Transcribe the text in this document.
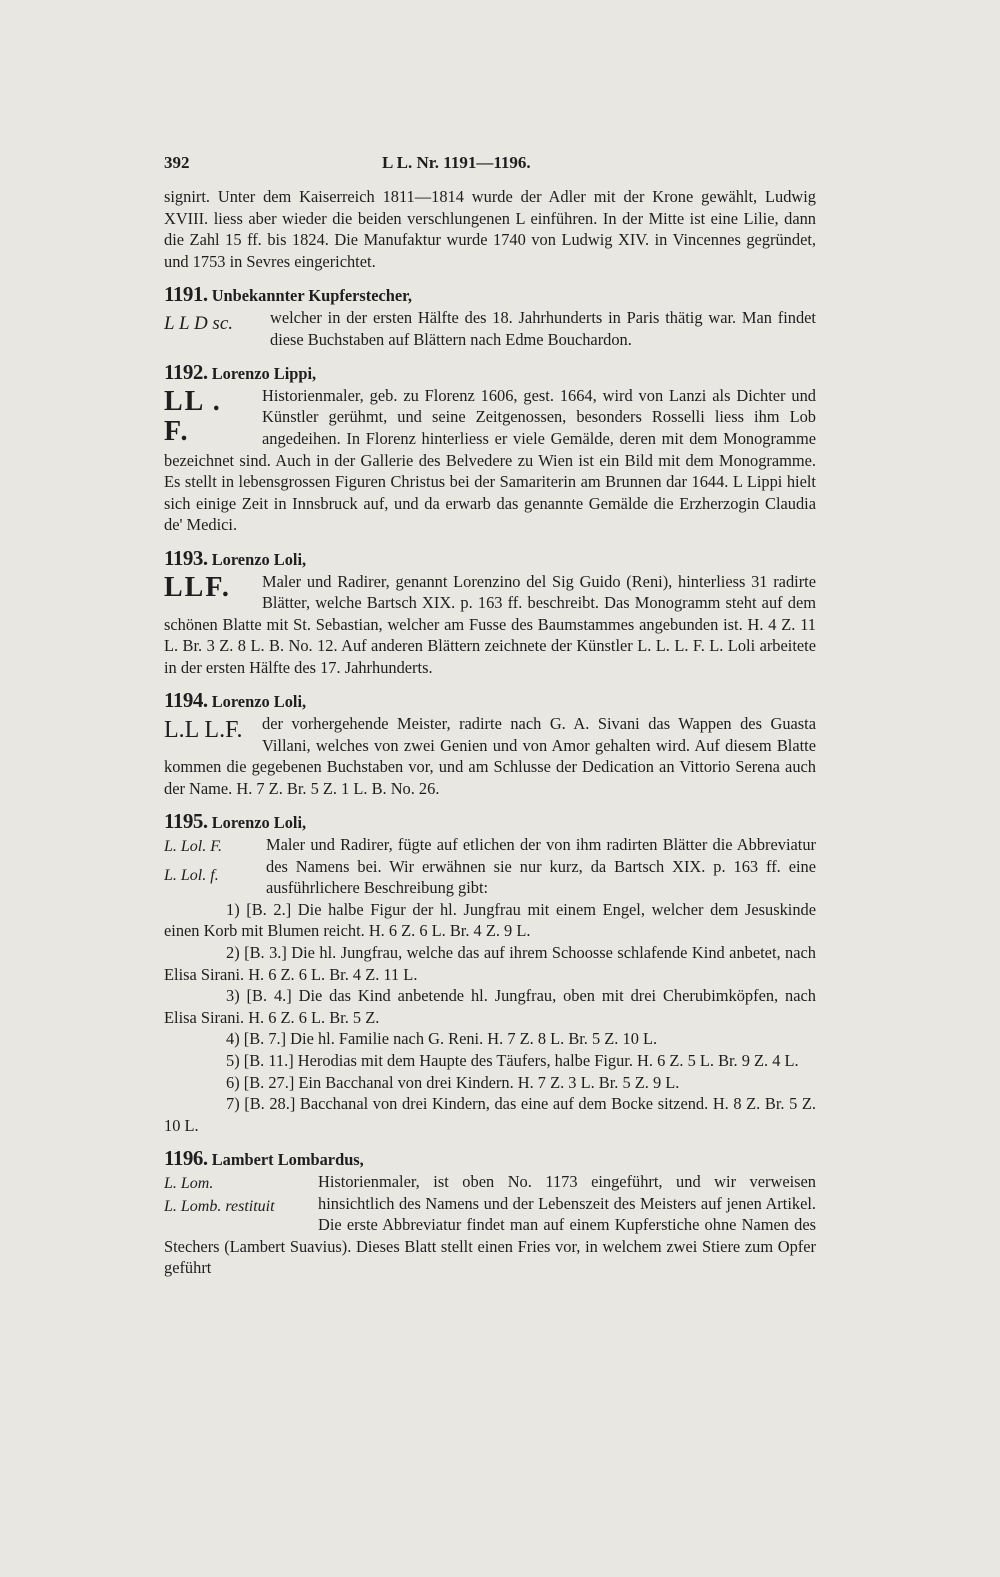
392	L L. Nr. 1191—1196.

signirt. Unter dem Kaiserreich 1811—1814 wurde der Adler mit der Krone gewählt, Ludwig XVIII. liess aber wieder die beiden verschlungenen L einführen. In der Mitte ist eine Lilie, dann die Zahl 15 ff. bis 1824. Die Manufaktur wurde 1740 von Ludwig XIV. in Vincennes gegründet, und 1753 in Sevres eingerichtet.

1191. Unbekannter Kupferstecher,

L L D sc.	welcher in der ersten Hälfte des 18. Jahrhunderts in Paris thätig war. Man findet diese Buchstaben auf Blättern nach Edme Bouchardon.

1192. Lorenzo Lippi,

LL . F.

Historienmaler, geb. zu Florenz 1606, gest. 1664, wird von Lanzi als Dichter und Künstler gerühmt, und seine Zeitgenossen, besonders Rosselli liess ihm Lob angedeihen. In Florenz hinterliess er viele Gemälde, deren mit dem Monogramme bezeichnet sind. Auch in der Gallerie des Belvedere zu Wien ist ein Bild mit dem Monogramme. Es stellt in lebensgrossen Figuren Christus bei der Samariterin am Brunnen dar 1644. L Lippi hielt sich einige Zeit in Innsbruck auf, und da erwarb das genannte Gemälde die Erzherzogin Claudia de' Medici.

1193. Lorenzo Loli,

LLF.	Maler und Radirer, genannt Lorenzino del Sig Guido (Reni), hinterliess 31 radirte Blätter, welche Bartsch XIX. p. 163 ff. beschreibt. Das Monogramm steht auf dem schönen Blatte mit St. Sebastian, welcher am Fusse des Baumstammes angebunden ist. H. 4 Z. 11 L. Br. 3 Z. 8 L. B. No. 12. Auf anderen Blättern zeichnete der Künstler L. L. L. F. L. Loli arbeitete in der ersten Hälfte des 17. Jahrhunderts.

1194. Lorenzo Loli,

L.L L.F.	der vorhergehende Meister, radirte nach G. A. Sivani das Wappen des Guasta Villani, welches von zwei Genien und von Amor gehalten wird. Auf diesem Blatte kommen die gegebenen Buchstaben vor, und am Schlusse der Dedication an Vittorio Serena auch der Name. H. 7 Z. Br. 5 Z. 1 L. B. No. 26.

1195. Lorenzo Loli,

L. Lol. F.
L. Lol. f.

Maler und Radirer, fügte auf etlichen der von ihm radirten Blätter die Abbreviatur des Namens bei. Wir erwähnen sie nur kurz, da Bartsch XIX. p. 163 ff. eine ausführlichere Beschreibung gibt:

1) [B. 2.] Die halbe Figur der hl. Jungfrau mit einem Engel, welcher dem Jesuskinde einen Korb mit Blumen reicht. H. 6 Z. 6 L. Br. 4 Z. 9 L.

2) [B. 3.] Die hl. Jungfrau, welche das auf ihrem Schoosse schlafende Kind anbetet, nach Elisa Sirani. H. 6 Z. 6 L. Br. 4 Z. 11 L.

3) [B. 4.] Die das Kind anbetende hl. Jungfrau, oben mit drei Cherubimköpfen, nach Elisa Sirani. H. 6 Z. 6 L. Br. 5 Z.

4) [B. 7.] Die hl. Familie nach G. Reni. H. 7 Z. 8 L. Br. 5 Z. 10 L.

5) [B. 11.] Herodias mit dem Haupte des Täufers, halbe Figur. H. 6 Z. 5 L. Br. 9 Z. 4 L.

6) [B. 27.] Ein Bacchanal von drei Kindern. H. 7 Z. 3 L. Br. 5 Z. 9 L.

7) [B. 28.] Bacchanal von drei Kindern, das eine auf dem Bocke sitzend. H. 8 Z. Br. 5 Z. 10 L.

1196. Lambert Lombardus,

L. Lom.
L. Lomb. restituit

Historienmaler, ist oben No. 1173 eingeführt, und wir verweisen hinsichtlich des Namens und der Lebenszeit des Meisters auf jenen Artikel. Die erste Abbreviatur findet man auf einem Kupferstiche ohne Namen des Stechers (Lambert Suavius). Dieses Blatt stellt einen Fries vor, in welchem zwei Stiere zum Opfer geführt
